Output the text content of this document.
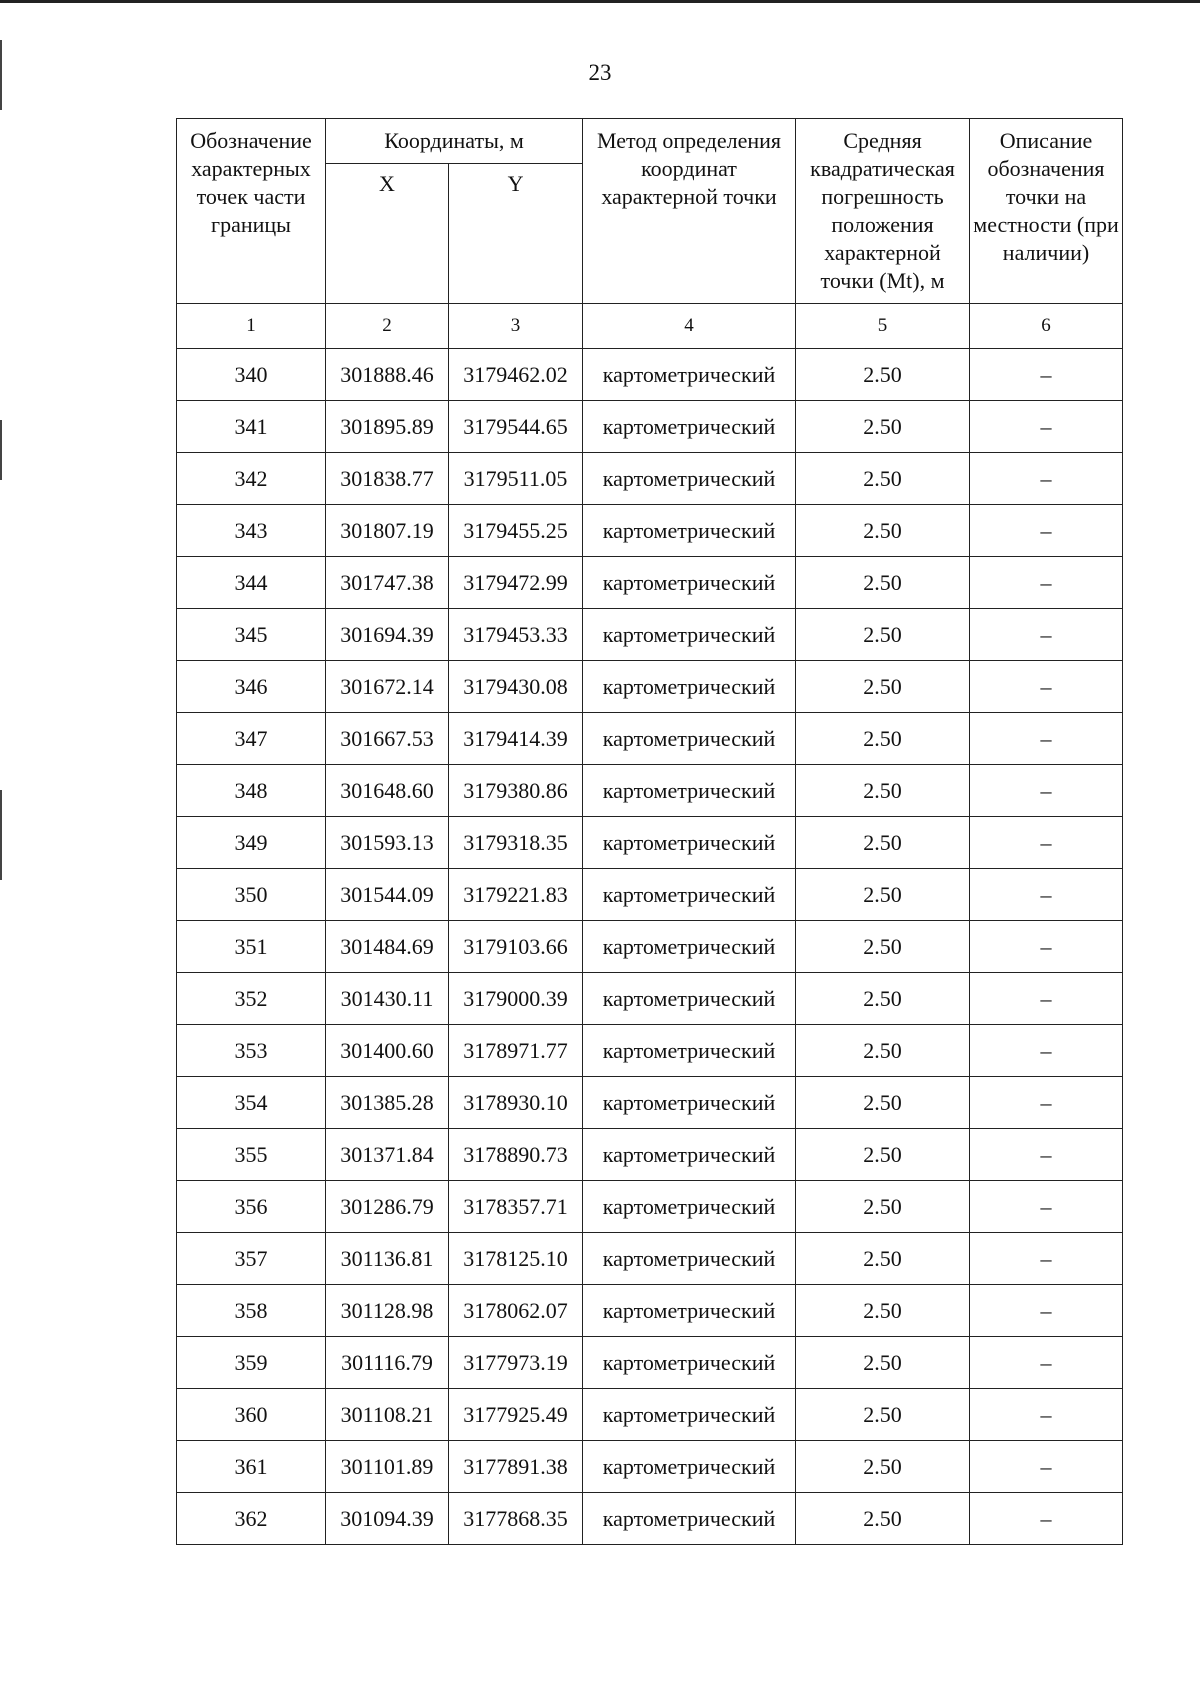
23
Обозначение характерных точек части границы	Координаты, м		Метод определения координат характерной точки	Средняя квадратическая погрешность положения характерной точки (Mt), м	Описание обозначения точки на местности (при наличии)
	X	Y			
1	2	3	4	5	6
340	301888.46	3179462.02	картометрический	2.50	–
341	301895.89	3179544.65	картометрический	2.50	–
342	301838.77	3179511.05	картометрический	2.50	–
343	301807.19	3179455.25	картометрический	2.50	–
344	301747.38	3179472.99	картометрический	2.50	–
345	301694.39	3179453.33	картометрический	2.50	–
346	301672.14	3179430.08	картометрический	2.50	–
347	301667.53	3179414.39	картометрический	2.50	–
348	301648.60	3179380.86	картометрический	2.50	–
349	301593.13	3179318.35	картометрический	2.50	–
350	301544.09	3179221.83	картометрический	2.50	–
351	301484.69	3179103.66	картометрический	2.50	–
352	301430.11	3179000.39	картометрический	2.50	–
353	301400.60	3178971.77	картометрический	2.50	–
354	301385.28	3178930.10	картометрический	2.50	–
355	301371.84	3178890.73	картометрический	2.50	–
356	301286.79	3178357.71	картометрический	2.50	–
357	301136.81	3178125.10	картометрический	2.50	–
358	301128.98	3178062.07	картометрический	2.50	–
359	301116.79	3177973.19	картометрический	2.50	–
360	301108.21	3177925.49	картометрический	2.50	–
361	301101.89	3177891.38	картометрический	2.50	–
362	301094.39	3177868.35	картометрический	2.50	–
